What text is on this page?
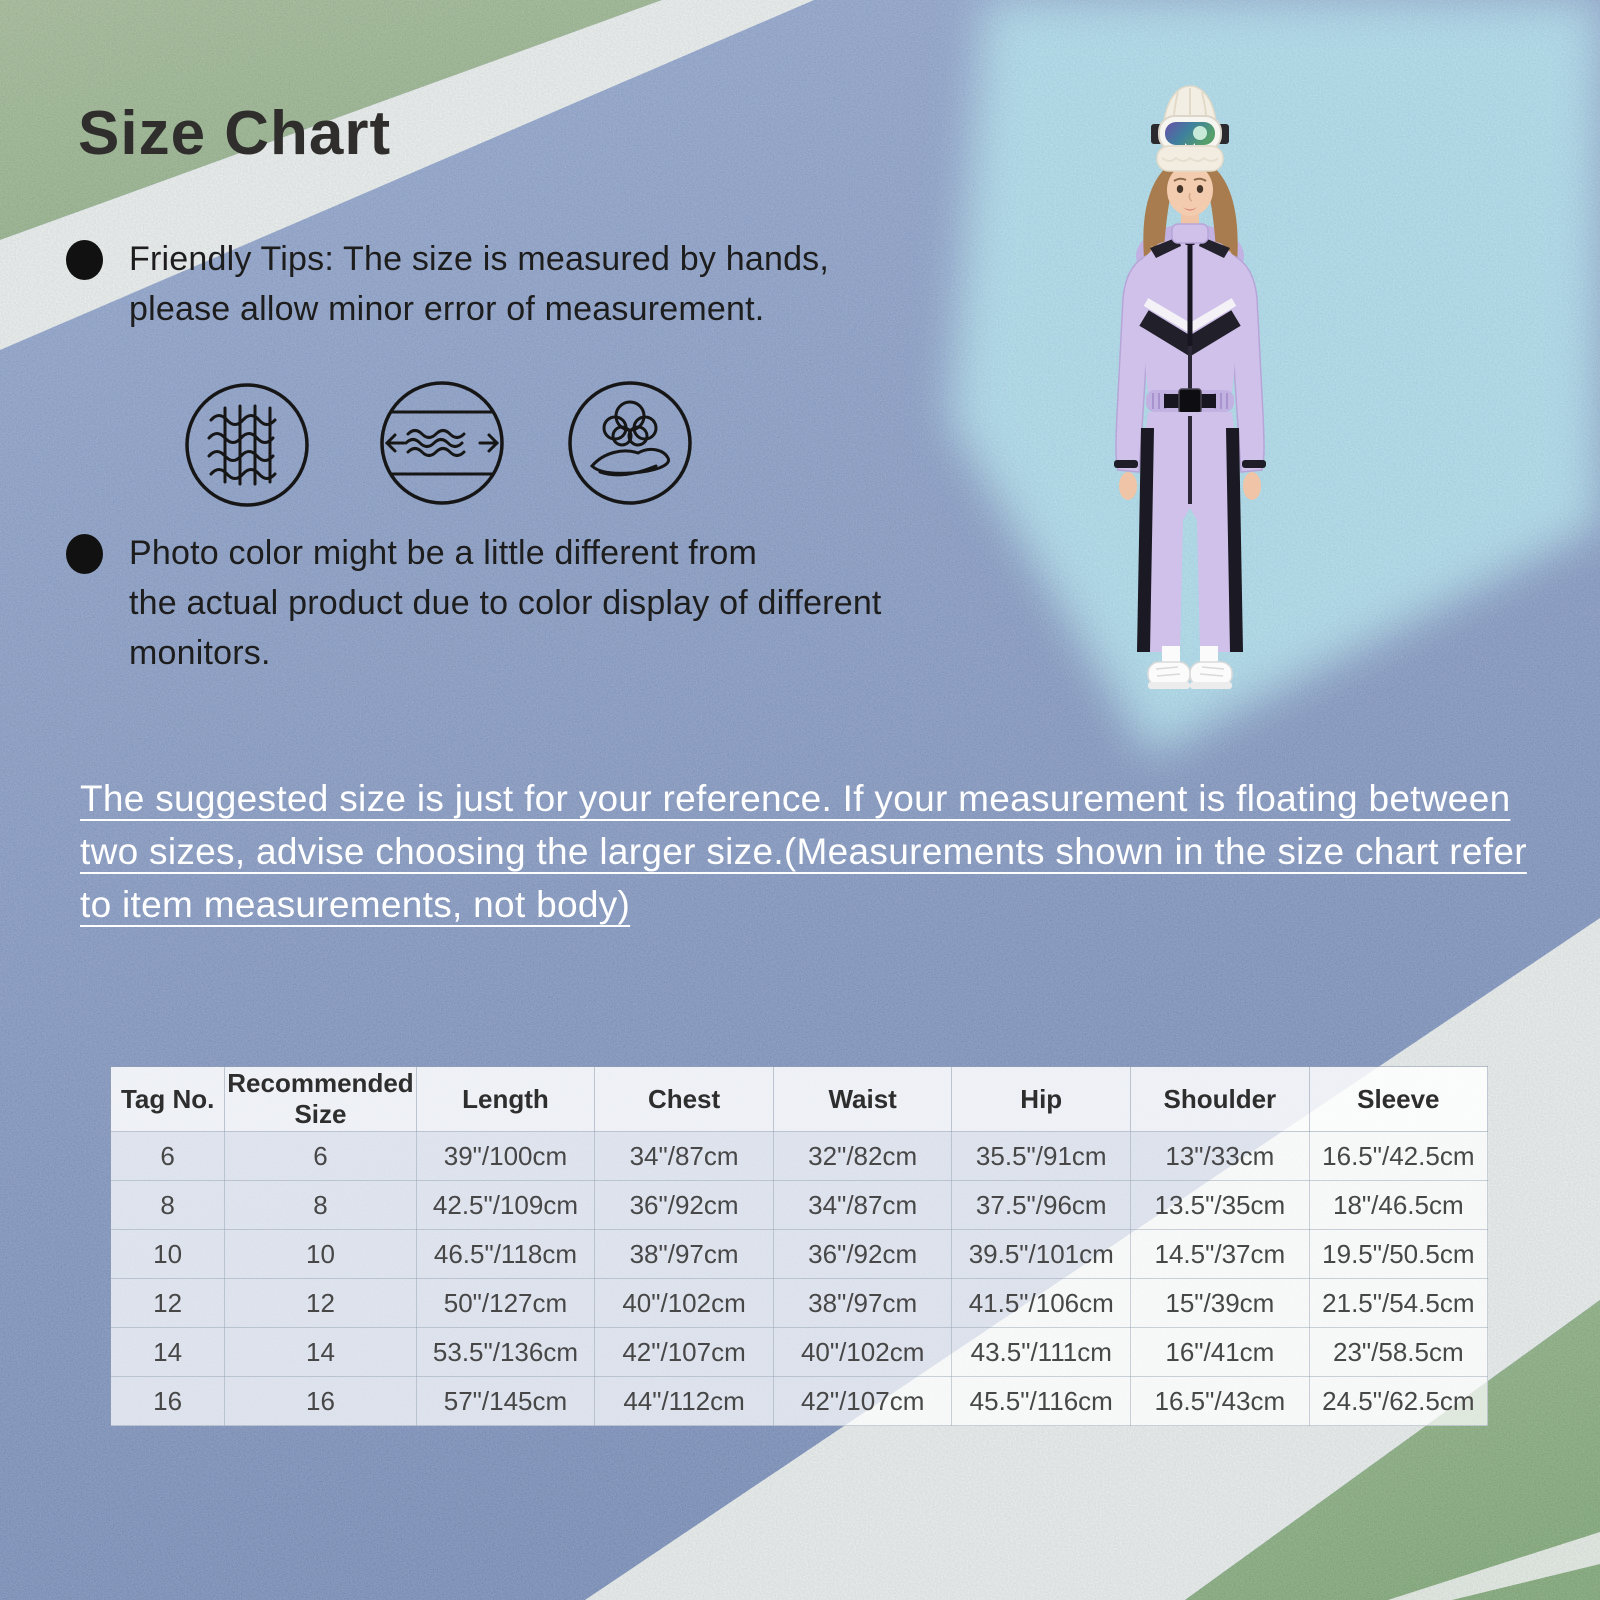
Size Chart
Friendly Tips: The size is measured by hands,
please allow minor error of measurement.
Photo color might be a little different from
the actual product due to color display of different
monitors.
The suggested size is just for your reference. If your measurement is floating between
two sizes, advise choosing the larger size.(Measurements shown in the size chart refer
to item measurements, not body)
Tag No.	Recommended Size	Length	Chest	Waist	Hip	Shoulder	Sleeve
6	6	39"/100cm	34"/87cm	32"/82cm	35.5"/91cm	13"/33cm	16.5"/42.5cm
8	8	42.5"/109cm	36"/92cm	34"/87cm	37.5"/96cm	13.5"/35cm	18"/46.5cm
10	10	46.5"/118cm	38"/97cm	36"/92cm	39.5"/101cm	14.5"/37cm	19.5"/50.5cm
12	12	50"/127cm	40"/102cm	38"/97cm	41.5"/106cm	15"/39cm	21.5"/54.5cm
14	14	53.5"/136cm	42"/107cm	40"/102cm	43.5"/111cm	16"/41cm	23"/58.5cm
16	16	57"/145cm	44"/112cm	42"/107cm	45.5"/116cm	16.5"/43cm	24.5"/62.5cm
